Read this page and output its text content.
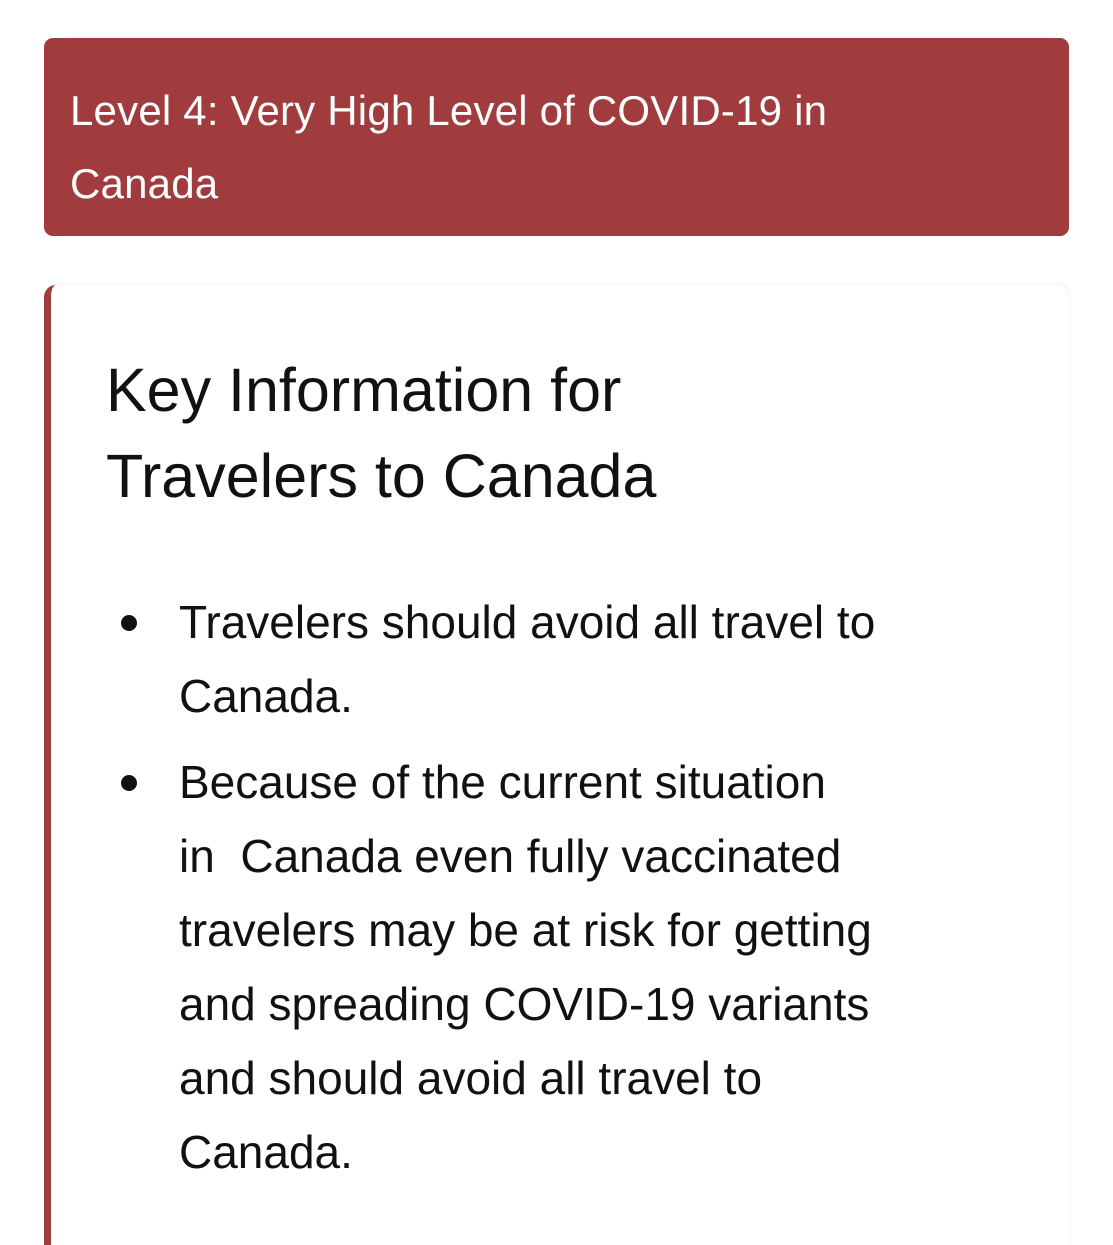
Level 4: Very High Level of COVID-19 in
Canada
Key Information for
Travelers to Canada
Travelers should avoid all travel to
Canada.
Because of the current situation
in  Canada even fully vaccinated
travelers may be at risk for getting
and spreading COVID-19 variants
and should avoid all travel to
Canada.
